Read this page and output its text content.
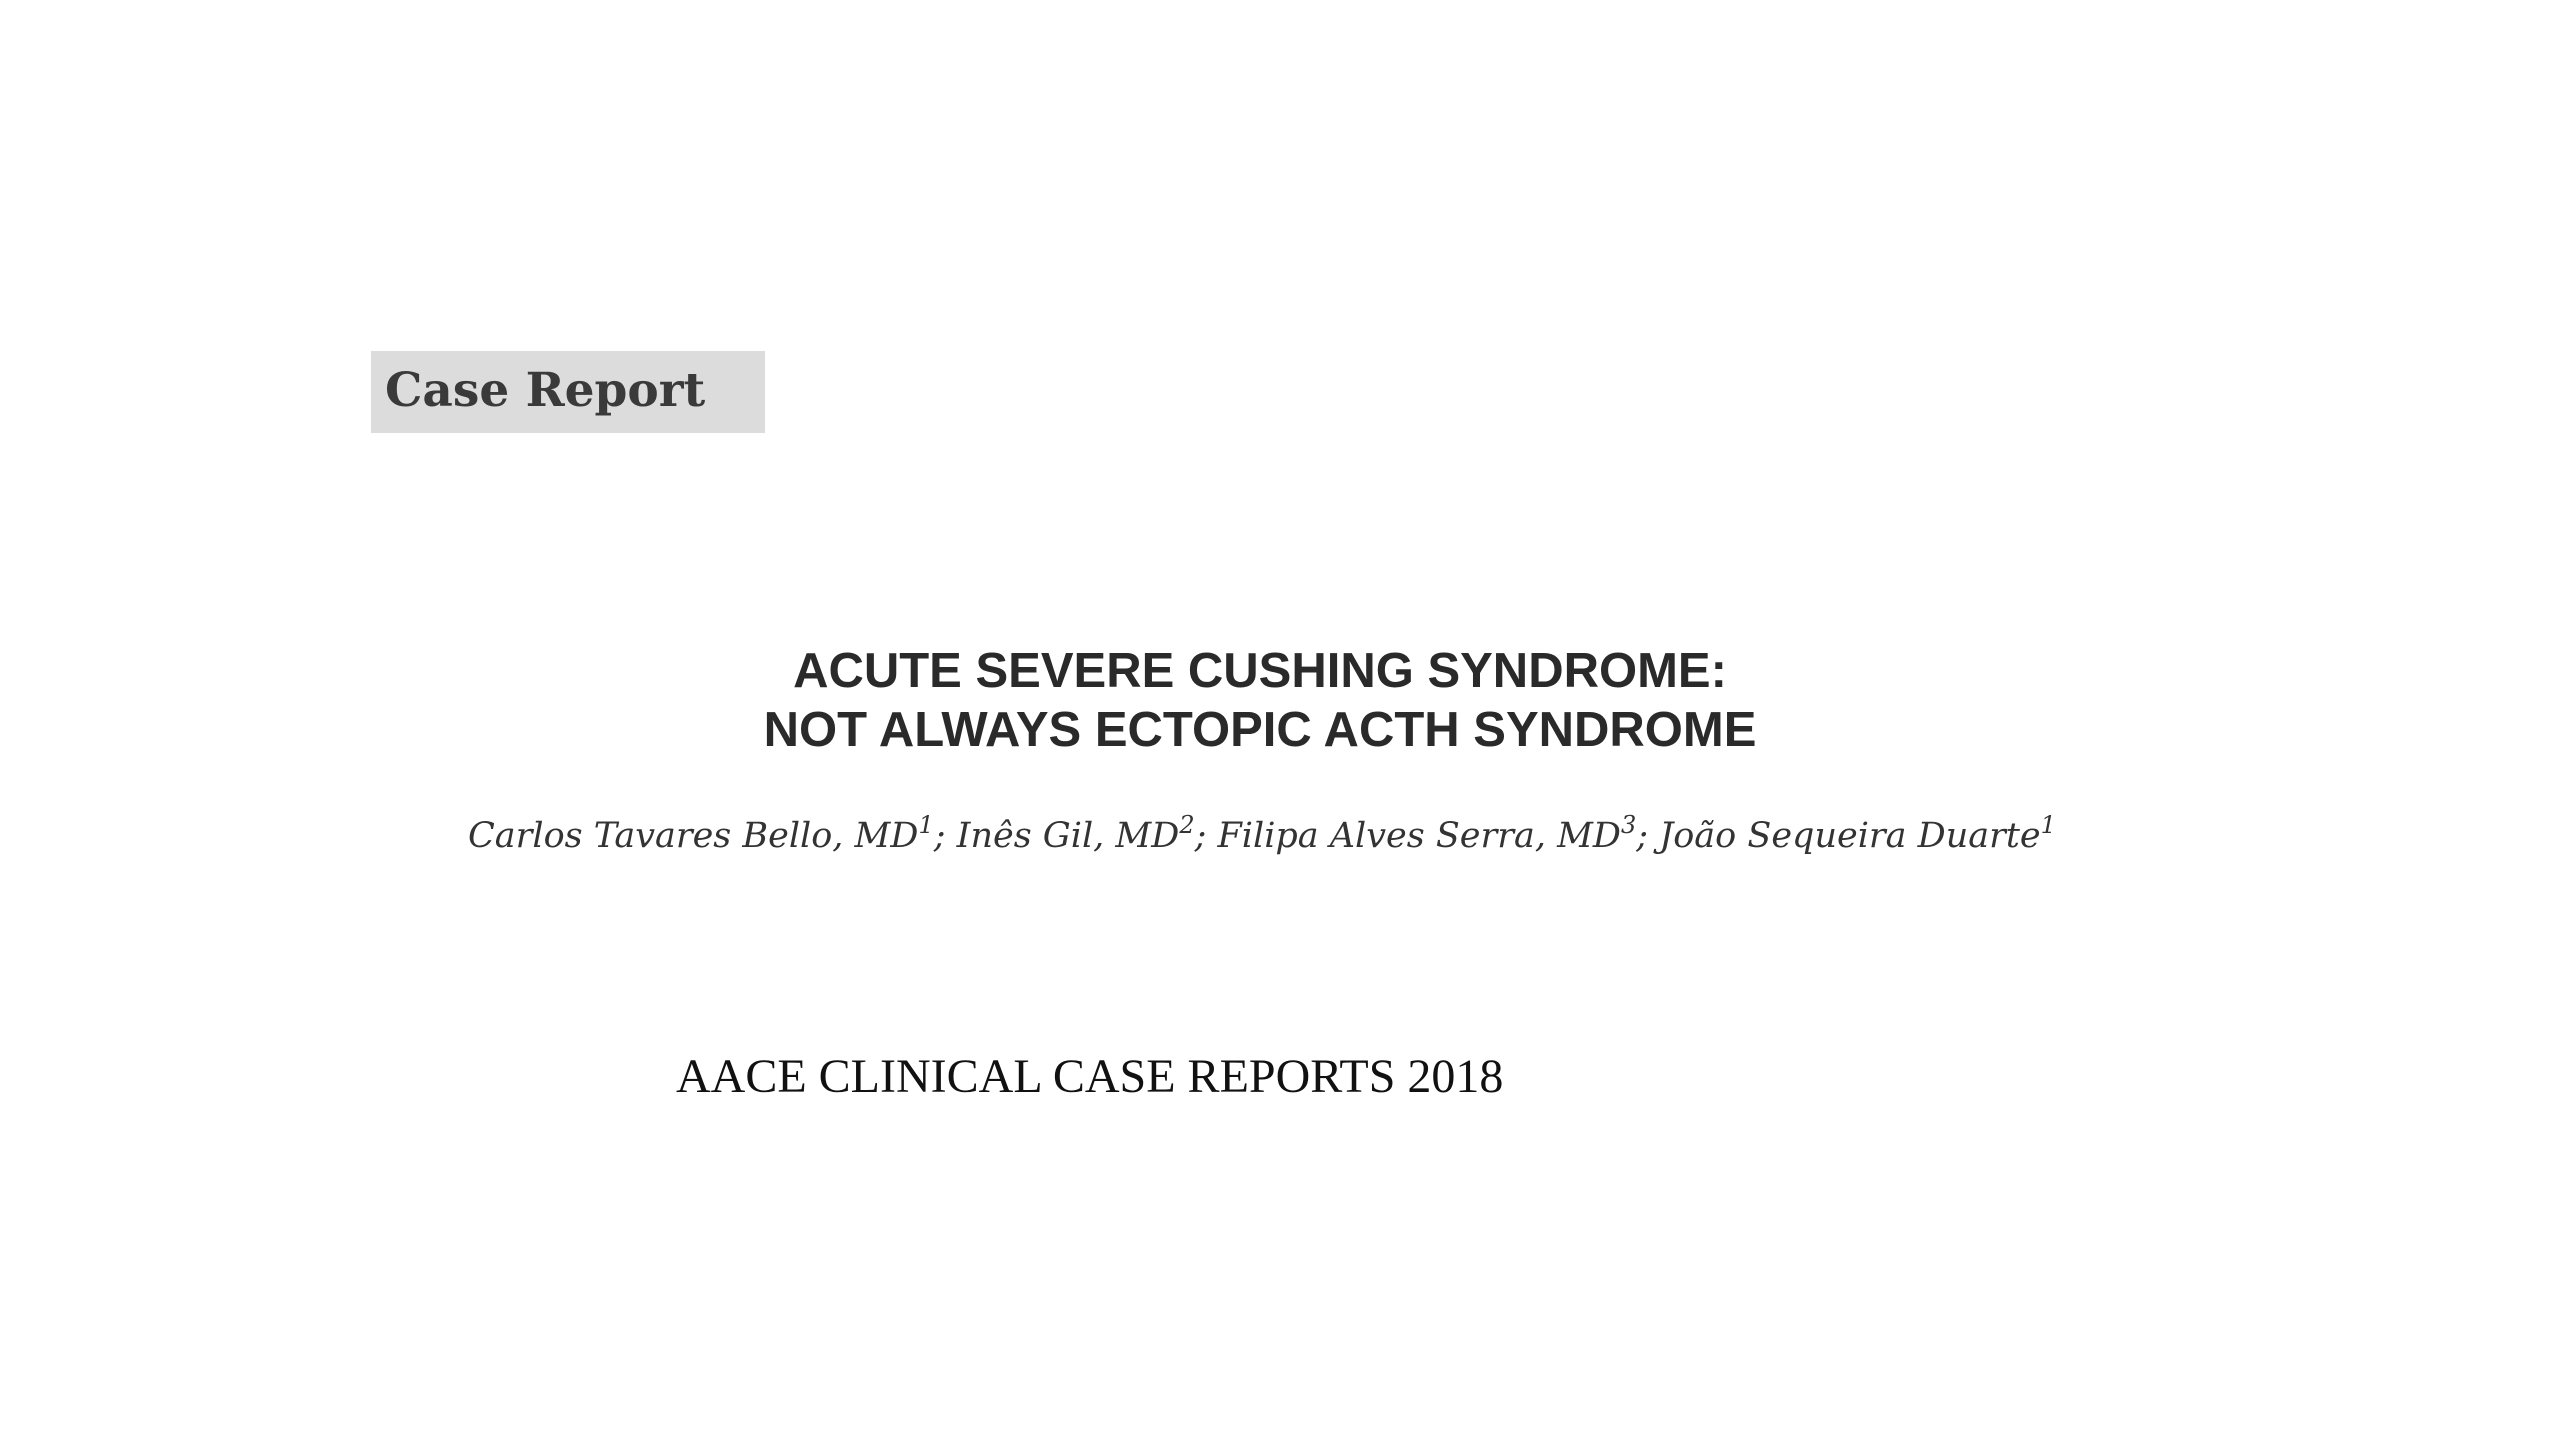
Case Report
ACUTE SEVERE CUSHING SYNDROME:
NOT ALWAYS ECTOPIC ACTH SYNDROME
Carlos Tavares Bello, $MD^1$; Inês Gil, $MD^2$; Filipa Alves Serra, $MD^3$; João Sequeira Duarte$^1$
AACE CLINICAL CASE REPORTS 2018
